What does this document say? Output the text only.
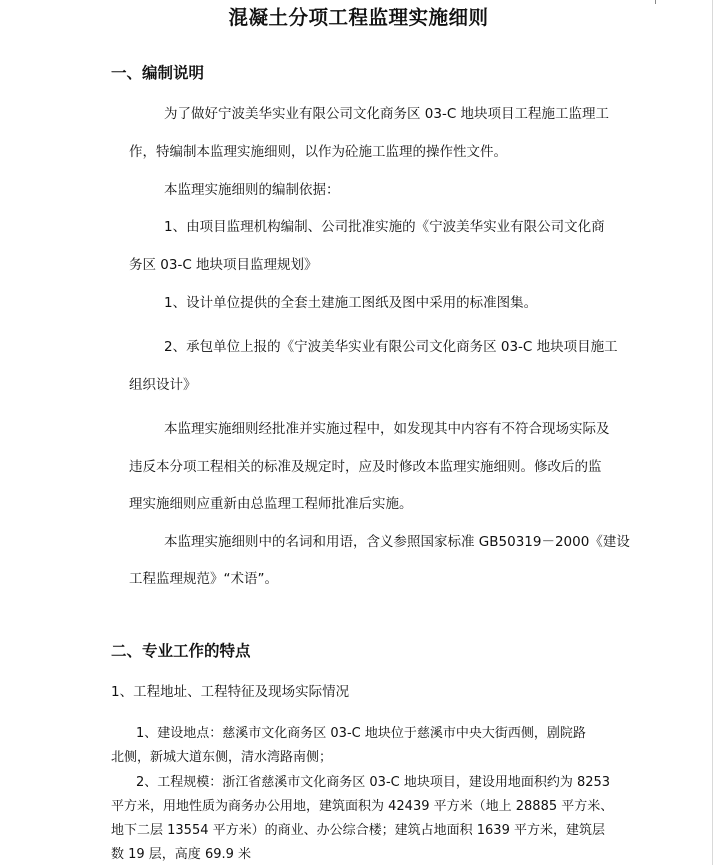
混凝土分项工程监理实施细则
一、编制说明
为了做好宁波美华实业有限公司文化商务区 03-C 地块项目工程施工监理工
作，特编制本监理实施细则，以作为砼施工监理的操作性文件。
本监理实施细则的编制依据：
1、由项目监理机构编制、公司批准实施的《宁波美华实业有限公司文化商
务区 03-C 地块项目监理规划》
1、设计单位提供的全套土建施工图纸及图中采用的标准图集。
2、承包单位上报的《宁波美华实业有限公司文化商务区 03-C 地块项目施工
组织设计》
本监理实施细则经批准并实施过程中，如发现其中内容有不符合现场实际及
违反本分项工程相关的标准及规定时，应及时修改本监理实施细则。修改后的监
理实施细则应重新由总监理工程师批准后实施。
本监理实施细则中的名词和用语，含义参照国家标准 GB50319－2000《建设
工程监理规范》“术语”。
二、专业工作的特点
1、工程地址、工程特征及现场实际情况
1、建设地点：慈溪市文化商务区 03-C 地块位于慈溪市中央大街西侧，剧院路
北侧，新城大道东侧，清水湾路南侧；
2、工程规模：浙江省慈溪市文化商务区 03-C 地块项目，建设用地面积约为 8253
平方米，用地性质为商务办公用地，建筑面积为 42439 平方米（地上 28885 平方米、
地下二层 13554 平方米）的商业、办公综合楼；建筑占地面积 1639 平方米，建筑层
数 19 层，高度 69.9 米
